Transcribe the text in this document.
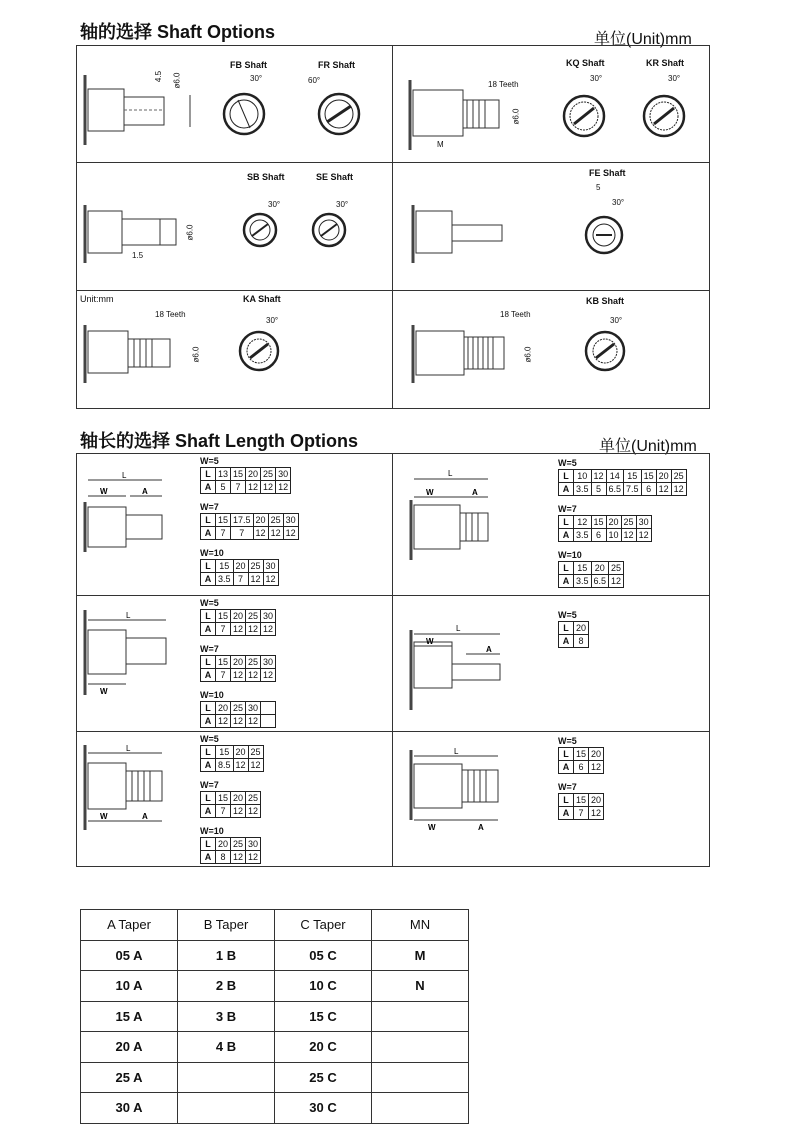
轴的选择 Shaft Options	单位(Unit)mm
4.5 ø6.0
FB Shaft	FR Shaft
30°	60°	18 Teeth
M
ø6.0
KQ Shaft	KR Shaft
30°	30°
1.5
ø6.0
SB Shaft	SE Shaft
30°	30°
FE Shaft
5
30°
Unit:mm
18 Teeth
ø6.0
KA Shaft
30°
18 Teeth
ø6.0
KB Shaft
30°
轴长的选择 Shaft Length Options	单位(Unit)mm
L
W	A
L
W	A
L
W
L
W
A
L
W	A
L
W	A
W=5
L	13	15	20	25	30
A	5	7	12	12	12
W=7
L	15	17.5	20	25	30
A	7	7	12	12	12
W=10
L	15	20	25	30
A	3.5	7	12	12
W=5
L	10	12	14	15	15	20	25
A	3.5	5	6.5	7.5	6	12	12
W=7
L	12	15	20	25	30
A	3.5	6	10	12	12
W=10
L	15	20	25
A	3.5	6.5	12
W=5
L	15	20	25	30
A	7	12	12	12
W=7
L	15	20	25	30
A	7	12	12	12
W=10
L	20	25	30	
A	12	12	12	
W=5
L	20
A	8
W=5
L	15	20	25
A	8.5	12	12
W=7
L	15	20	25
A	7	12	12
W=10
L	20	25	30
A	8	12	12
W=5
L	15	20
A	6	12
W=7
L	15	20
A	7	12
A Taper	B Taper	C Taper	MN
05 A	1 B	05 C	M
10 A	2 B	10 C	N
15 A	3 B	15 C	
20 A	4 B	20 C	
25 A		25 C	
30 A		30 C	
